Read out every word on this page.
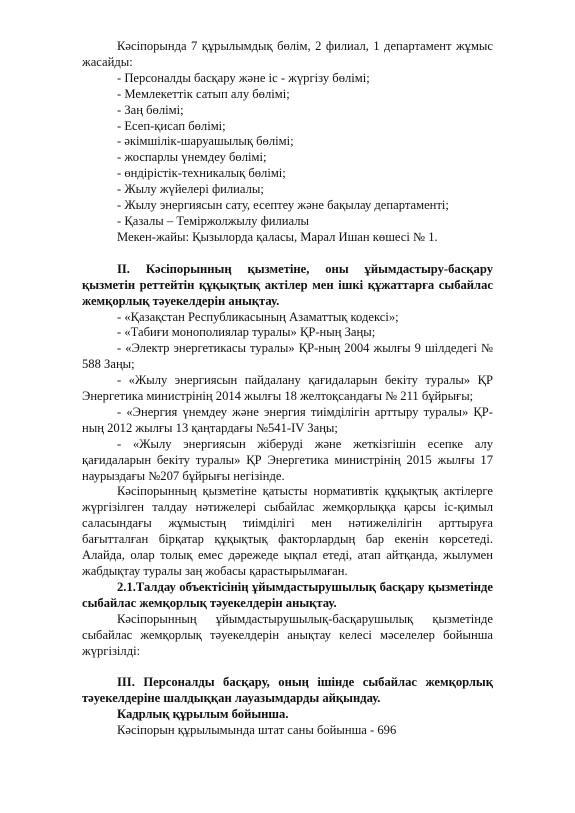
Кәсіпорында 7 құрылымдық бөлім, 2 филиал, 1 департамент жұмыс жасайды:

- Персоналды басқару және іс - жүргізу бөлімі;

- Мемлекеттік сатып алу бөлімі;

- Заң бөлімі;

- Есеп-қисап бөлімі;

- әкімшілік-шаруашылық бөлімі;

- жоспарлы үнемдеу бөлімі;

- өндірістік-техникалық бөлімі;

- Жылу жүйелері филиалы;

- Жылу энергиясын сату, есептеу және бақылау департаменті;

- Қазалы – Теміржолжылу филиалы

Мекен-жайы: Қызылорда қаласы, Марал Ишан көшесі № 1.

II. Кәсіпорынның қызметіне, оны ұйымдастыру-басқару қызметін реттейтін құқықтық актілер мен ішкі құжаттарға сыбайлас жемқорлық тәуекелдерін анықтау.

- «Қазақстан Республикасының Азаматтық кодексі»;

- «Табиғи монополиялар туралы» ҚР-ның Заңы;

- «Электр энергетикасы туралы» ҚР-ның 2004 жылғы 9 шілдедегі № 588 Заңы;

- «Жылу энергиясын пайдалану қағидаларын бекіту туралы» ҚР Энергетика министрінің 2014 жылғы 18 желтоқсандағы № 211 бұйрығы;

- «Энергия үнемдеу және энергия тиімділігін арттыру туралы» ҚР-ның 2012 жылғы 13 қаңтардағы №541-IV Заңы;

- «Жылу энергиясын жіберуді және жеткізгішін есепке алу қағидаларын бекіту туралы» ҚР Энергетика министрінің 2015 жылғы 17 наурыздағы №207 бұйрығы негізінде.

Кәсіпорынның қызметіне қатысты нормативтік құқықтық актілерге жүргізілген талдау нәтижелері сыбайлас жемқорлыққа қарсы іс-қимыл саласындағы жұмыстың тиімділігі мен нәтижелілігін арттыруға бағытталған бірқатар құқықтық факторлардың бар екенін көрсетеді. Алайда, олар толық емес дәрежеде ықпал етеді, атап айтқанда, жылумен жабдықтау туралы заң жобасы қарастырылмаған.

2.1.Талдау объектісінің ұйымдастырушылық басқару қызметінде сыбайлас жемқорлық тәуекелдерін анықтау.

Кәсіпорынның ұйымдастырушылық-басқарушылық қызметінде сыбайлас жемқорлық тәуекелдерін анықтау келесі мәселелер бойынша жүргізілді:

III. Персоналды басқару, оның ішінде сыбайлас жемқорлық тәуекелдеріне шалдыққан лауазымдарды айқындау.

Кадрлық құрылым бойынша.

Кәсіпорын құрылымында штат саны бойынша - 696
